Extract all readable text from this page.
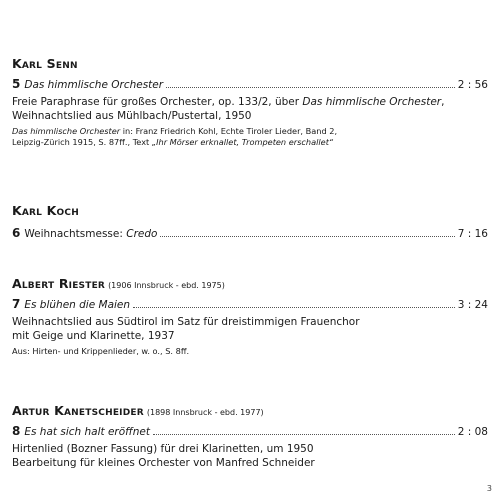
Karl Senn
5 Das himmlische Orchester	2 : 56
Freie Paraphrase für großes Orchester, op. 133/2, über Das himmlische Orchester,
Weihnachtslied aus Mühlbach/Pustertal, 1950
Das himmlische Orchester in: Franz Friedrich Kohl, Echte Tiroler Lieder, Band 2,
Leipzig-Zürich 1915, S. 87ff., Text „Ihr Mörser erknallet, Trompeten erschallet“
Karl Koch
6 Weihnachtsmesse: Credo	7 : 16
Albert Riester (1906 Innsbruck - ebd. 1975)
7 Es blühen die Maien	3 : 24
Weihnachtslied aus Südtirol im Satz für dreistimmigen Frauenchor
mit Geige und Klarinette, 1937
Aus: Hirten- und Krippenlieder, w. o., S. 8ff.
Artur Kanetscheider (1898 Innsbruck - ebd. 1977)
8 Es hat sich halt eröffnet	2 : 08
Hirtenlied (Bozner Fassung) für drei Klarinetten, um 1950
Bearbeitung für kleines Orchester von Manfred Schneider
3
